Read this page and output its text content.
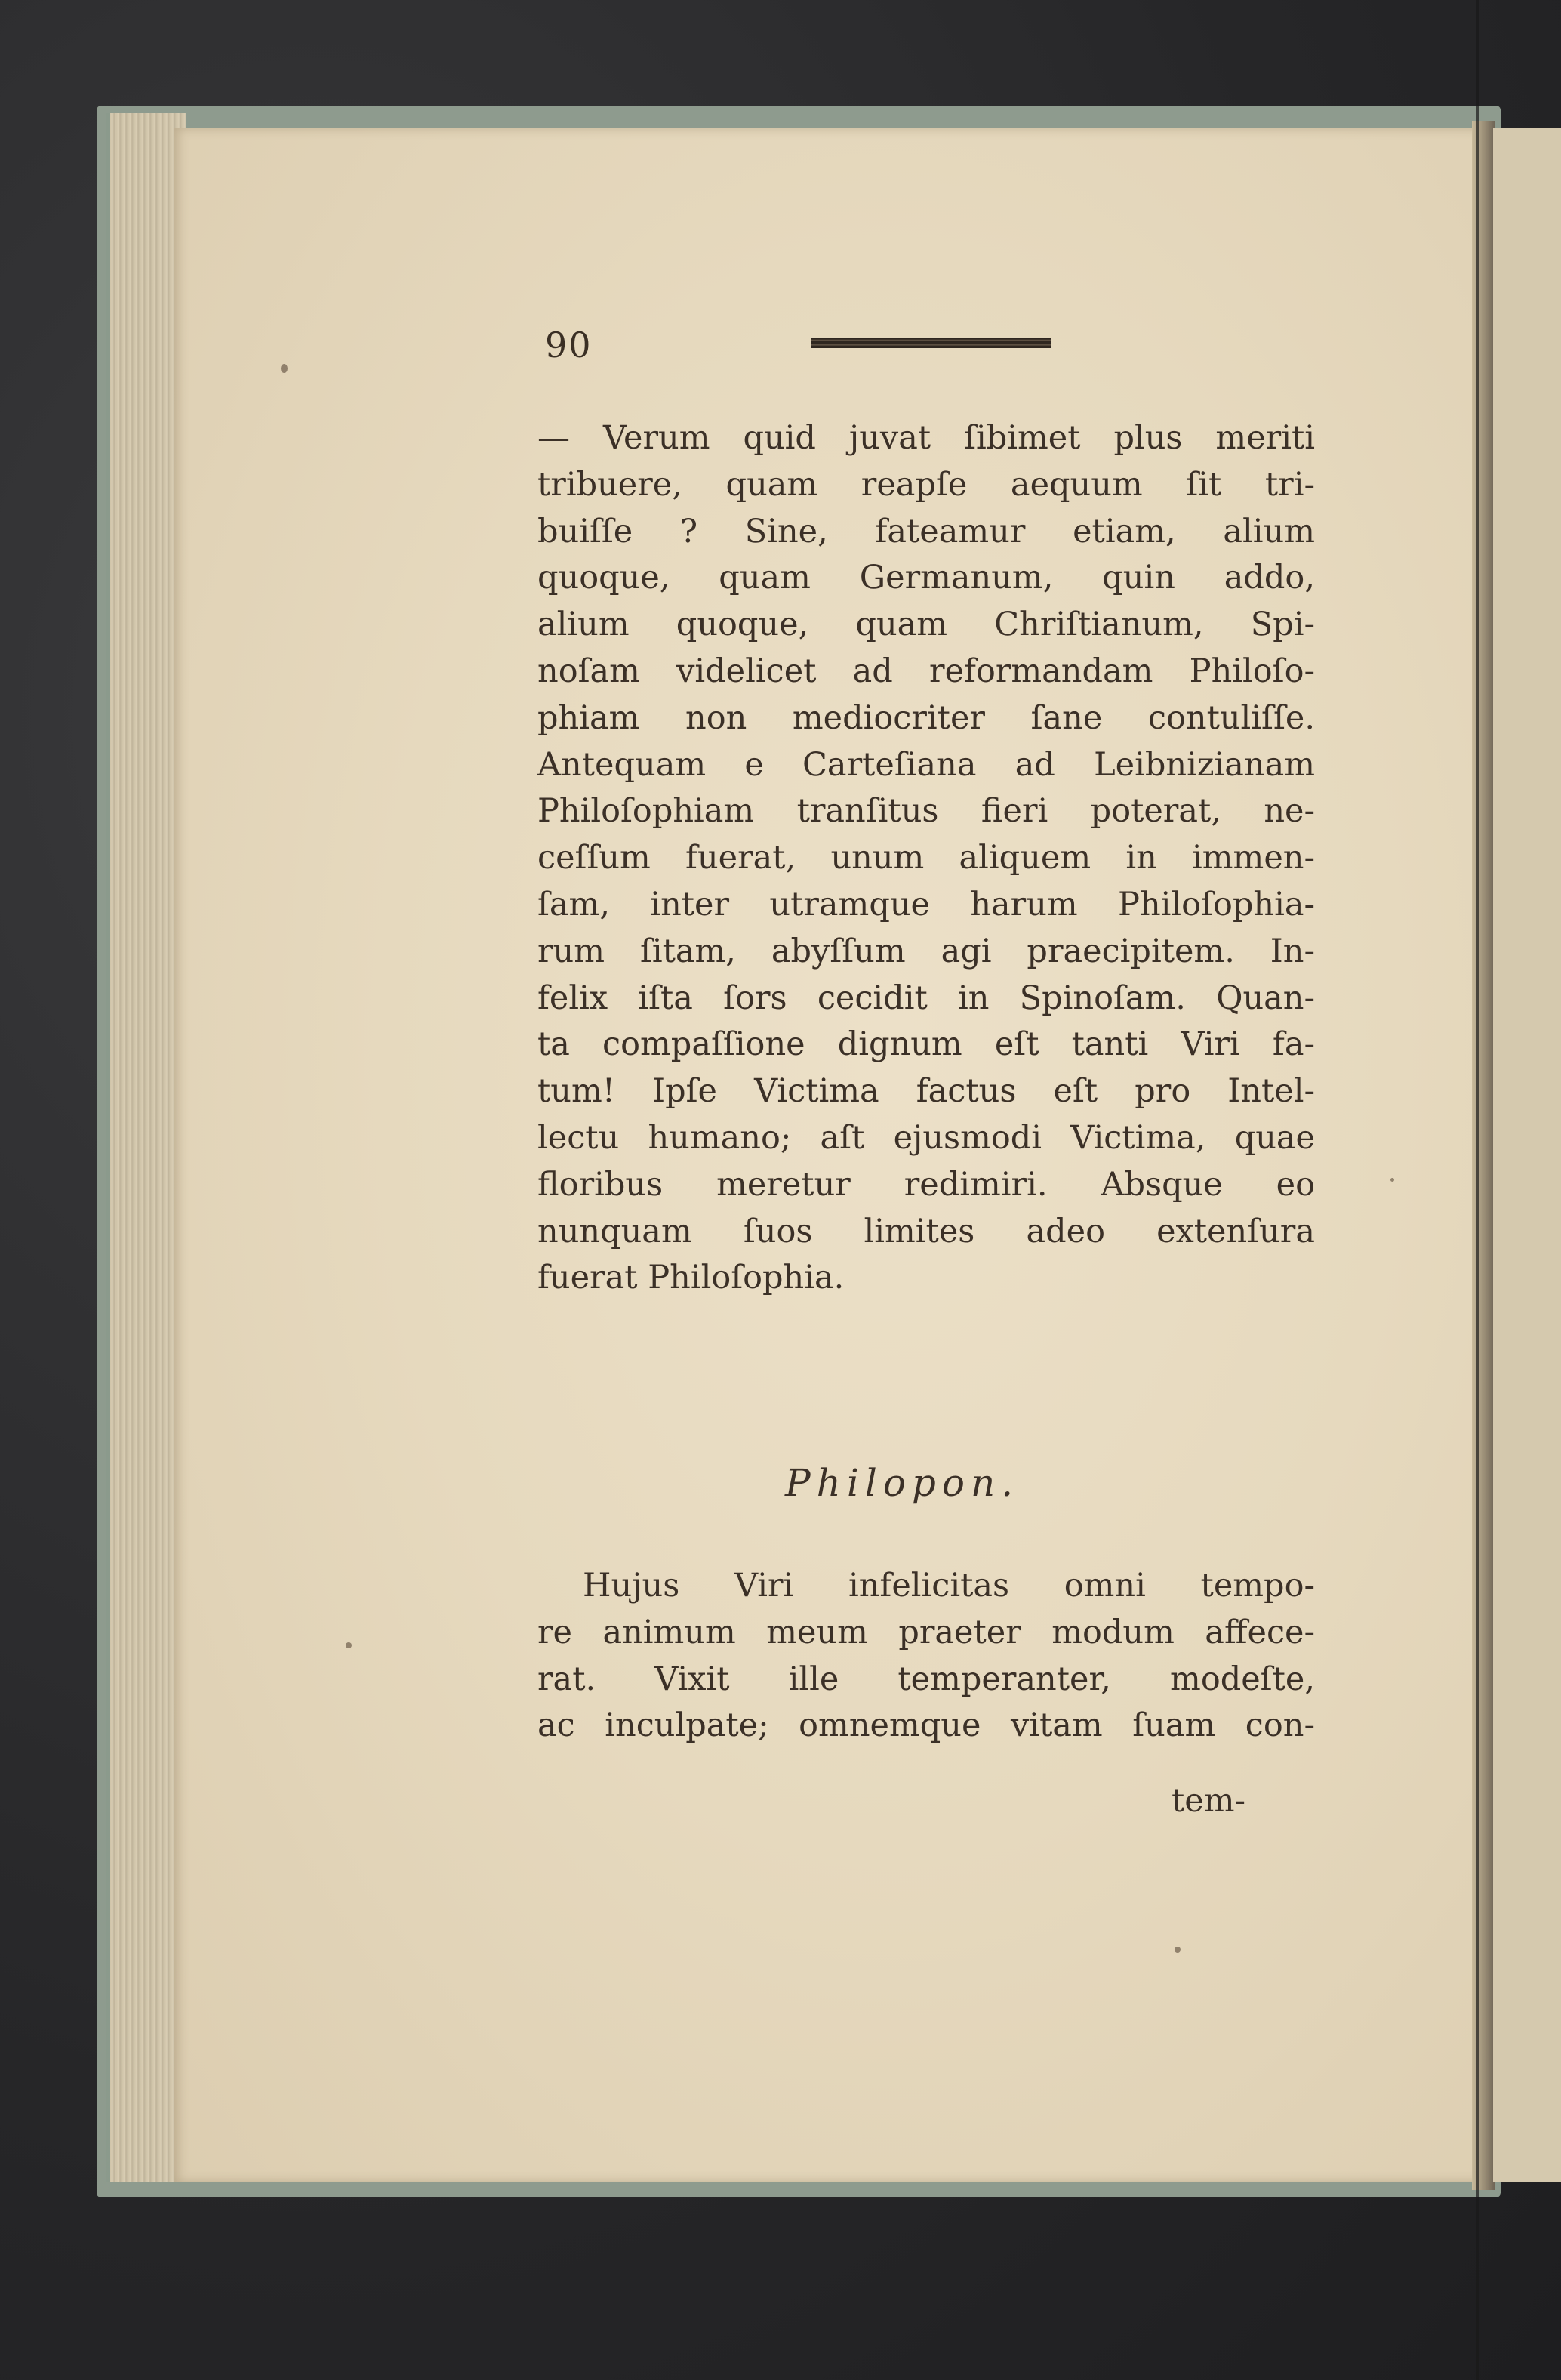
90
— Verum quid juvat ſibimet plus meriti
tribuere, quam reapſe aequum ſit tri-
buiſſe ? Sine, fateamur etiam, alium
quoque, quam Germanum, quin addo,
alium quoque, quam Chriſtianum, Spi-
noſam videlicet ad reformandam Philoſo-
phiam non mediocriter ſane contuliſſe.
Antequam e Carteſiana ad Leibnizianam
Philoſophiam tranſitus fieri poterat, ne-
ceſſum fuerat, unum aliquem in immen-
ſam, inter utramque harum Philoſophia-
rum ſitam, abyſſum agi praecipitem. In-
felix iſta ſors cecidit in Spinoſam. Quan-
ta compaſſione dignum eſt tanti Viri fa-
tum! Ipſe Victima factus eſt pro Intel-
lectu humano; aſt ejusmodi Victima, quae
floribus meretur redimiri. Absque eo
nunquam ſuos limites adeo extenſura
fuerat Philoſophia.
Philopon.
Hujus Viri infelicitas omni tempo-
re animum meum praeter modum affece-
rat. Vixit ille temperanter, modeſte,
ac inculpate; omnemque vitam ſuam con-
tem-
